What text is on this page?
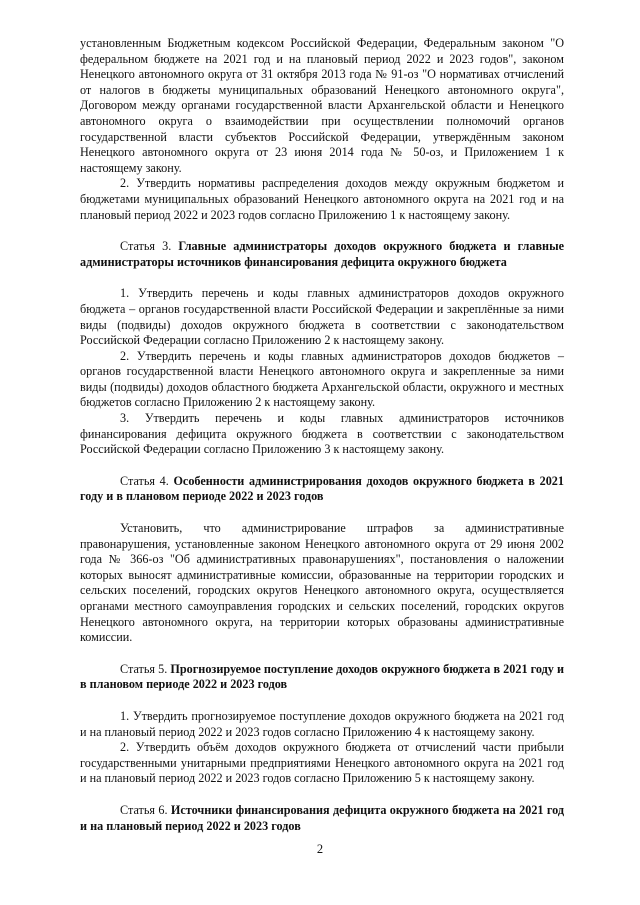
установленным Бюджетным кодексом Российской Федерации, Федеральным законом "О федеральном бюджете на 2021 год и на плановый период 2022 и 2023 годов", законом Ненецкого автономного округа от 31 октября 2013 года № 91-оз "О нормативах отчислений от налогов в бюджеты муниципальных образований Ненецкого автономного округа", Договором между органами государственной власти Архангельской области и Ненецкого автономного округа о взаимодействии при осуществлении полномочий органов государственной власти субъектов Российской Федерации, утверждённым законом Ненецкого автономного округа от 23 июня 2014 года № 50-оз, и Приложением 1 к настоящему закону.

2. Утвердить нормативы распределения доходов между окружным бюджетом и бюджетами муниципальных образований Ненецкого автономного округа на 2021 год и на плановый период 2022 и 2023 годов согласно Приложению 1 к настоящему закону.

Статья 3. Главные администраторы доходов окружного бюджета и главные администраторы источников финансирования дефицита окружного бюджета

1. Утвердить перечень и коды главных администраторов доходов окружного бюджета – органов государственной власти Российской Федерации и закреплённые за ними виды (подвиды) доходов окружного бюджета в соответствии с законодательством Российской Федерации согласно Приложению 2 к настоящему закону.

2. Утвердить перечень и коды главных администраторов доходов бюджетов – органов государственной власти Ненецкого автономного округа и закрепленные за ними виды (подвиды) доходов областного бюджета Архангельской области, окружного и местных бюджетов согласно Приложению 2 к настоящему закону.

3. Утвердить перечень и коды главных администраторов источников финансирования дефицита окружного бюджета в соответствии с законодательством Российской Федерации согласно Приложению 3 к настоящему закону.

Статья 4. Особенности администрирования доходов окружного бюджета в 2021 году и в плановом периоде 2022 и 2023 годов

Установить, что администрирование штрафов за административные правонарушения, установленные законом Ненецкого автономного округа от 29 июня 2002 года № 366-оз "Об административных правонарушениях", постановления о наложении которых выносят административные комиссии, образованные на территории городских и сельских поселений, городских округов Ненецкого автономного округа, осуществляется органами местного самоуправления городских и сельских поселений, городских округов Ненецкого автономного округа, на территории которых образованы административные комиссии.

Статья 5. Прогнозируемое поступление доходов окружного бюджета в 2021 году и в плановом периоде 2022 и 2023 годов

1. Утвердить прогнозируемое поступление доходов окружного бюджета на 2021 год и на плановый период 2022 и 2023 годов согласно Приложению 4 к настоящему закону.

2. Утвердить объём доходов окружного бюджета от отчислений части прибыли государственными унитарными предприятиями Ненецкого автономного округа на 2021 год и на плановый период 2022 и 2023 годов согласно Приложению 5 к настоящему закону.

Статья 6. Источники финансирования дефицита окружного бюджета на 2021 год и на плановый период 2022 и 2023 годов

2
